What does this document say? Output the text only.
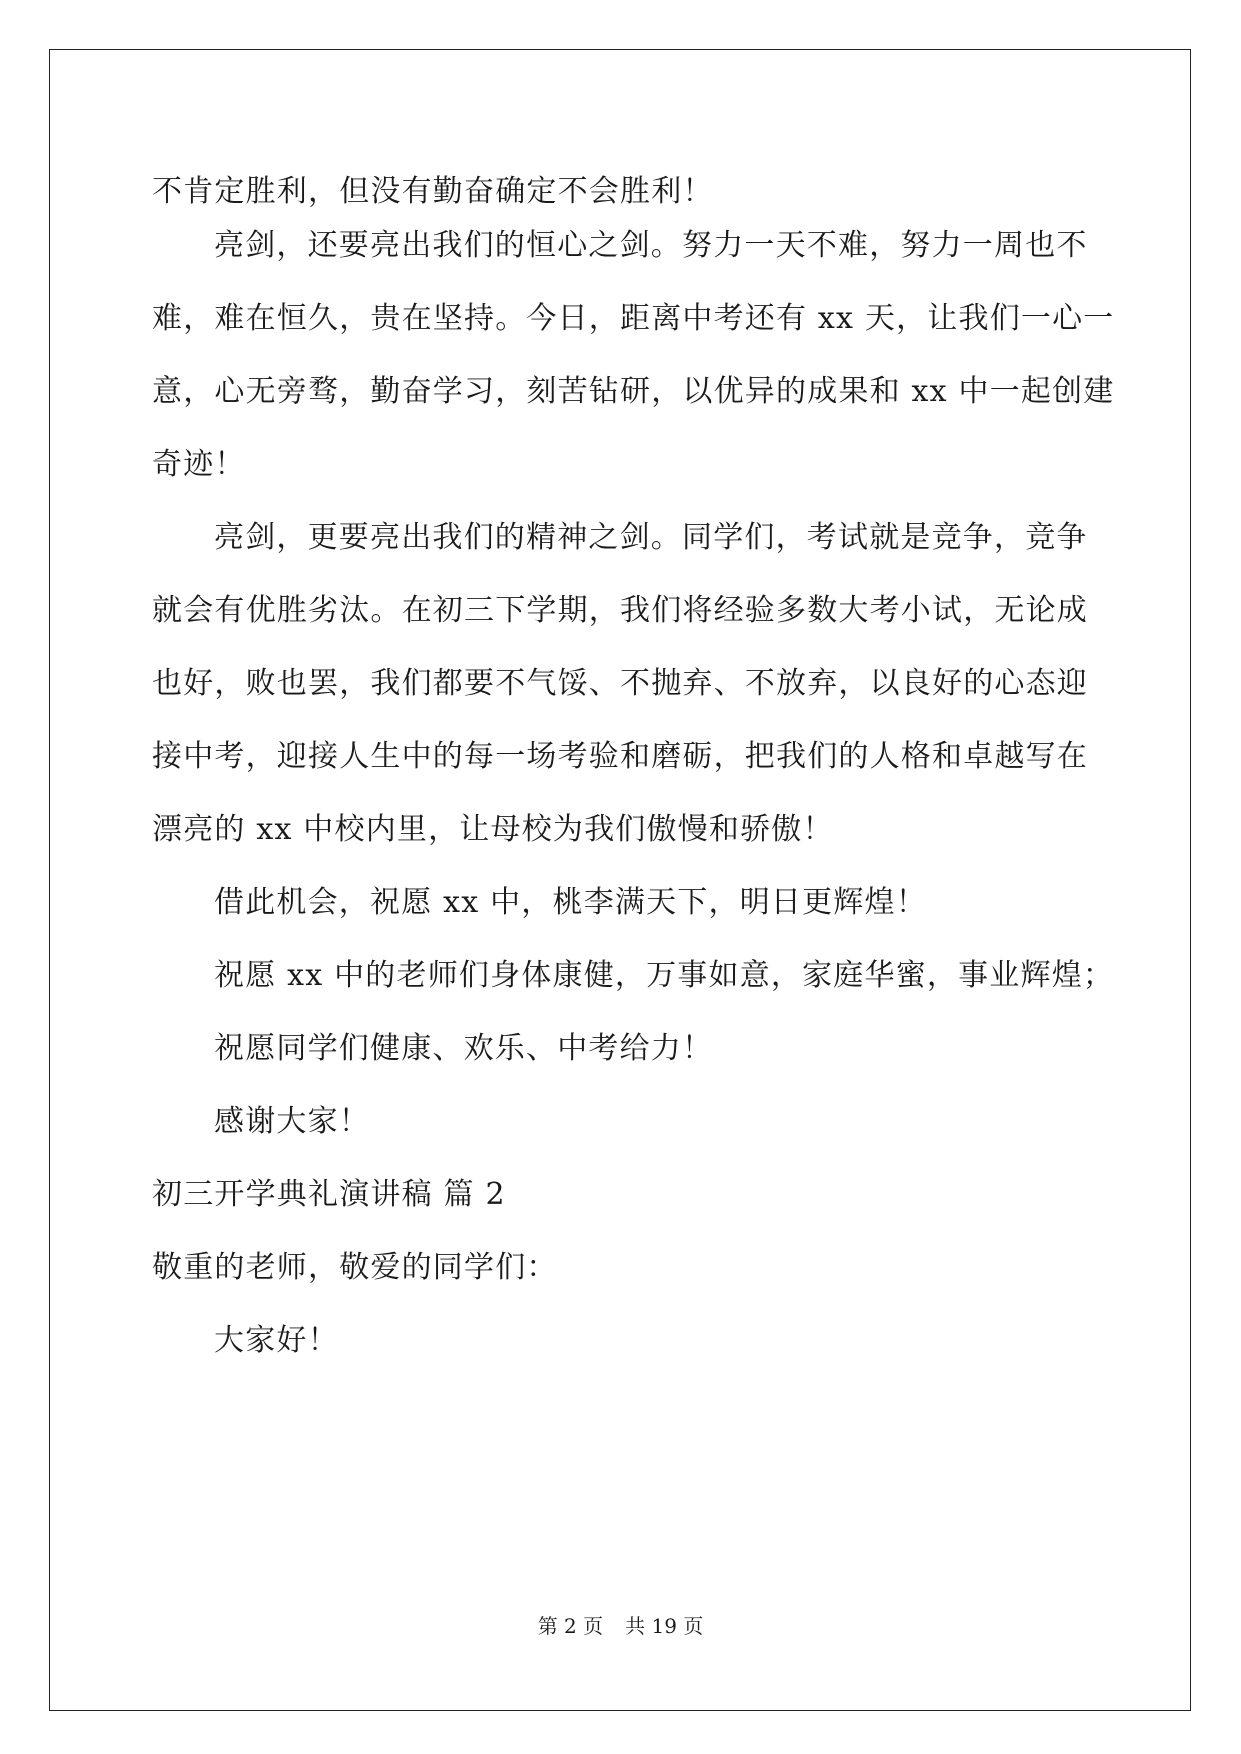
不肯定胜利，但没有勤奋确定不会胜利！
亮剑，还要亮出我们的恒心之剑。努力一天不难，努力一周也不
难，难在恒久，贵在坚持。今日，距离中考还有 xx 天，让我们一心一
意，心无旁骛，勤奋学习，刻苦钻研，以优异的成果和 xx 中一起创建
奇迹！
亮剑，更要亮出我们的精神之剑。同学们，考试就是竞争，竞争
就会有优胜劣汰。在初三下学期，我们将经验多数大考小试，无论成
也好，败也罢，我们都要不气馁、不抛弃、不放弃，以良好的心态迎
接中考，迎接人生中的每一场考验和磨砺，把我们的人格和卓越写在
漂亮的 xx 中校内里，让母校为我们傲慢和骄傲！
借此机会，祝愿 xx 中，桃李满天下，明日更辉煌！
祝愿 xx 中的老师们身体康健，万事如意，家庭华蜜，事业辉煌；
祝愿同学们健康、欢乐、中考给力！
感谢大家！
初三开学典礼演讲稿 篇 2
敬重的老师，敬爱的同学们：
大家好！
第 2 页 共 19 页
